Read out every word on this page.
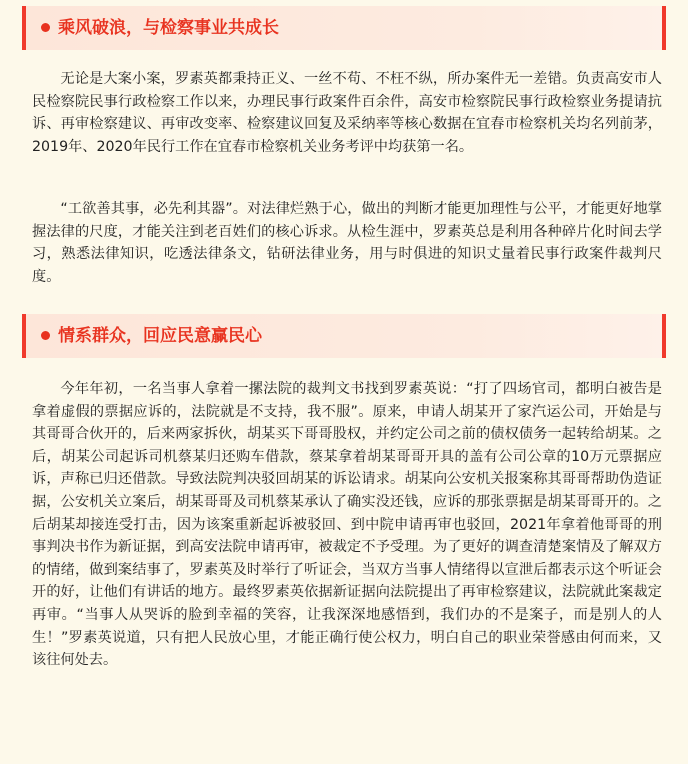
乘风破浪，与检察事业共成长

无论是大案小案，罗素英都秉持正义、一丝不苟、不枉不纵，所办案件无一差错。负责高安市人民检察院民事行政检察工作以来，办理民事行政案件百余件，高安市检察院民事行政检察业务提请抗诉、再审检察建议、再审改变率、检察建议回复及采纳率等核心数据在宜春市检察机关均名列前茅，2019年、2020年民行工作在宜春市检察机关业务考评中均获第一名。

“工欲善其事，必先利其器”。对法律烂熟于心，做出的判断才能更加理性与公平，才能更好地掌握法律的尺度，才能关注到老百姓们的核心诉求。从检生涯中，罗素英总是利用各种碎片化时间去学习，熟悉法律知识，吃透法律条文，钻研法律业务，用与时俱进的知识丈量着民事行政案件裁判尺度。

情系群众，回应民意赢民心

今年年初，一名当事人拿着一摞法院的裁判文书找到罗素英说：“打了四场官司，都明白被告是拿着虚假的票据应诉的，法院就是不支持，我不服”。原来，申请人胡某开了家汽运公司，开始是与其哥哥合伙开的，后来两家拆伙，胡某买下哥哥股权，并约定公司之前的债权债务一起转给胡某。之后，胡某公司起诉司机蔡某归还购车借款，蔡某拿着胡某哥哥开具的盖有公司公章的10万元票据应诉，声称已归还借款。导致法院判决驳回胡某的诉讼请求。胡某向公安机关报案称其哥哥帮助伪造证据，公安机关立案后，胡某哥哥及司机蔡某承认了确实没还钱，应诉的那张票据是胡某哥哥开的。之后胡某却接连受打击，因为该案重新起诉被驳回、到中院申请再审也驳回，2021年拿着他哥哥的刑事判决书作为新证据，到高安法院申请再审，被裁定不予受理。为了更好的调查清楚案情及了解双方的情绪，做到案结事了，罗素英及时举行了听证会，当双方当事人情绪得以宣泄后都表示这个听证会开的好，让他们有讲话的地方。最终罗素英依据新证据向法院提出了再审检察建议，法院就此案裁定再审。“当事人从哭诉的脸到幸福的笑容，让我深深地感悟到，我们办的不是案子，而是别人的人生！”罗素英说道，只有把人民放心里，才能正确行使公权力，明白自己的职业荣誉感由何而来，又该往何处去。
